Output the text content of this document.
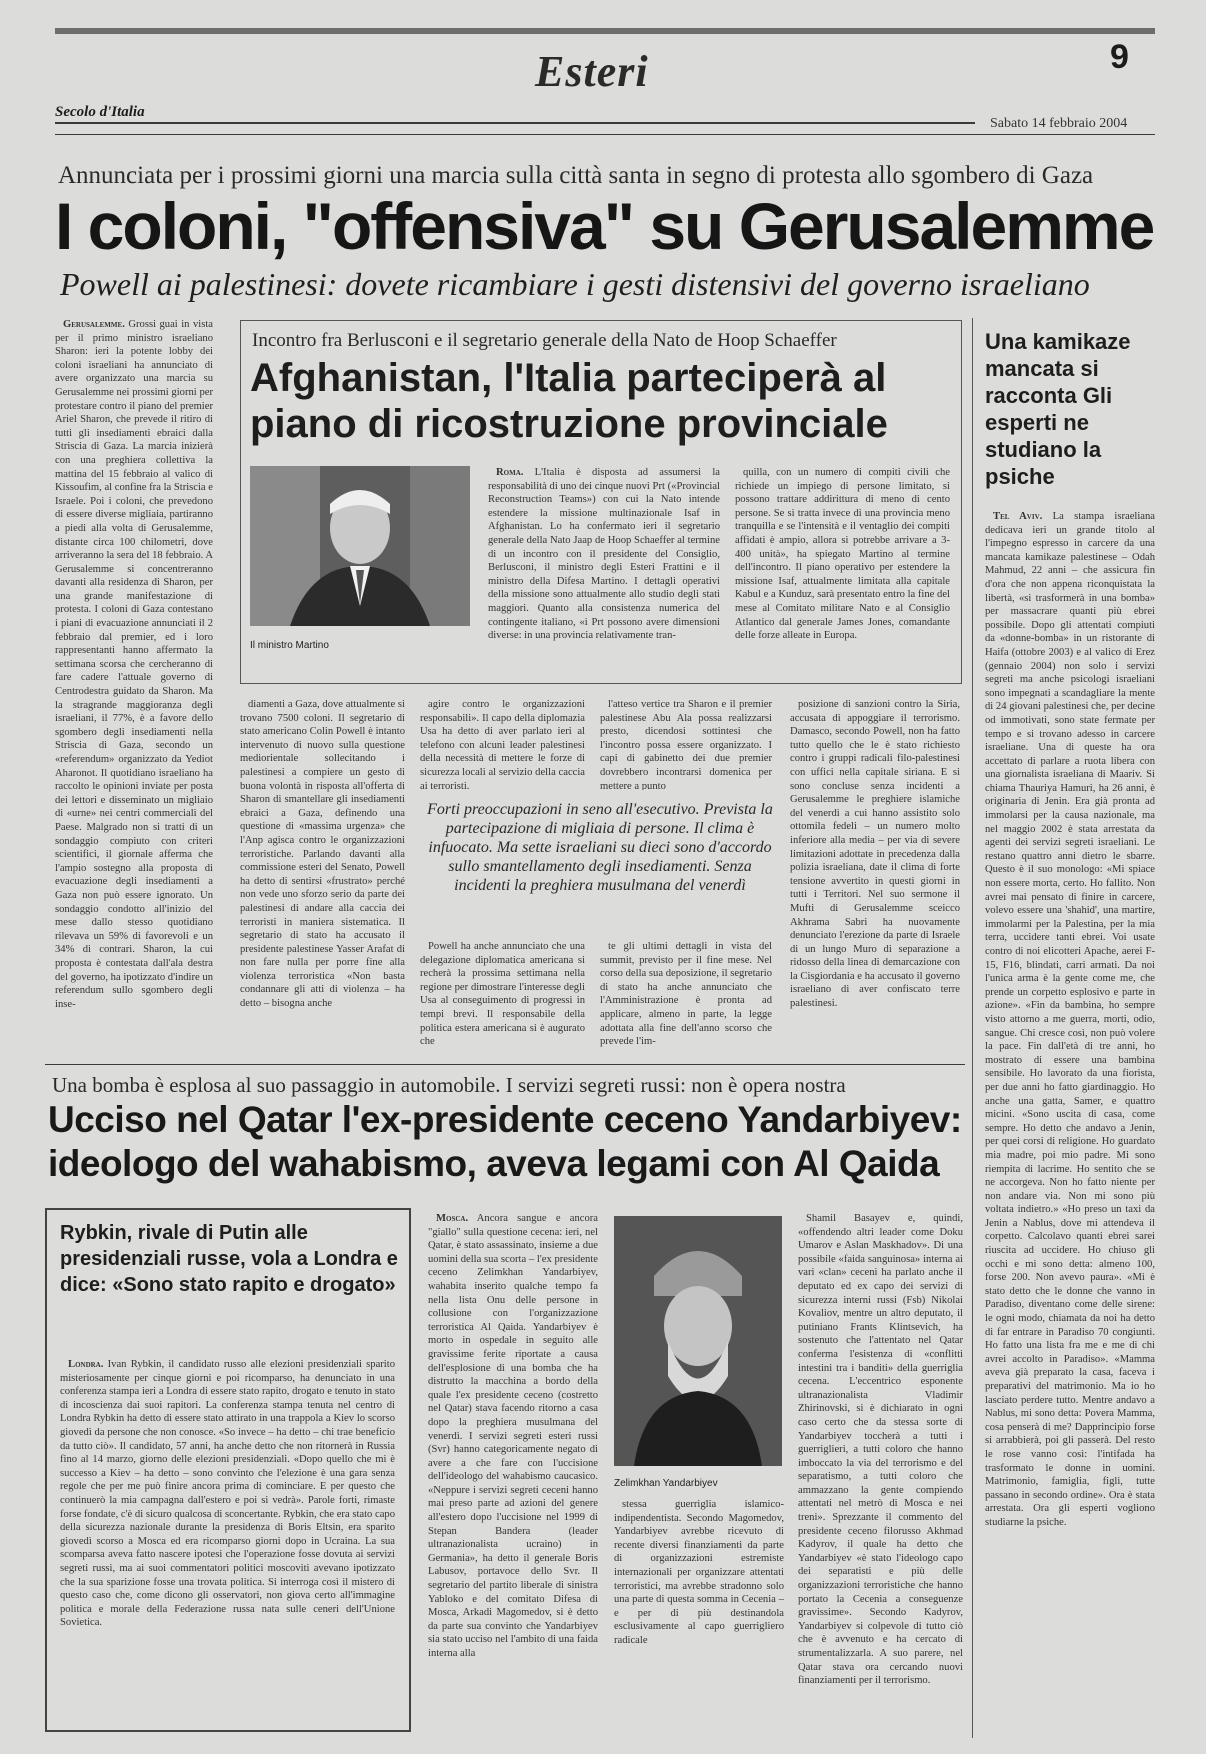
Esteri	9
Secolo d'Italia
Sabato 14 febbraio 2004
Annunciata per i prossimi giorni una marcia sulla città santa in segno di protesta allo sgombero di Gaza
I coloni, "offensiva" su Gerusalemme
Powell ai palestinesi: dovete ricambiare i gesti distensivi del governo israeliano

Gerusalemme. Grossi guai in vista per il primo ministro israeliano Sharon: ieri la potente lobby dei coloni israeliani ha annunciato di avere organizzato una marcia su Gerusalemme nei prossimi giorni per protestare contro il piano del premier Ariel Sharon, che prevede il ritiro di tutti gli insediamenti ebraici dalla Striscia di Gaza. La marcia inizierà con una preghiera collettiva la mattina del 15 febbraio al valico di Kissoufim, al confine fra la Striscia e Israele. Poi i coloni, che prevedono di essere diverse migliaia, partiranno a piedi alla volta di Gerusalemme, distante circa 100 chilometri, dove arriveranno la sera del 18 febbraio. A Gerusalemme si concentreranno davanti alla residenza di Sharon, per una grande manifestazione di protesta. I coloni di Gaza contestano i piani di evacuazione annunciati il 2 febbraio dal premier, ed i loro rappresentanti hanno affermato la settimana scorsa che cercheranno di fare cadere l'attuale governo di Centrodestra guidato da Sharon. Ma la stragrande maggioranza degli israeliani, il 77%, è a favore dello sgombero degli insediamenti nella Striscia di Gaza, secondo un «referendum» organizzato da Yediot Aharonot. Il quotidiano israeliano ha raccolto le opinioni inviate per posta dei lettori e disseminato un migliaio di «urne» nei centri commerciali del Paese. Malgrado non si tratti di un sondaggio compiuto con criteri scientifici, il giornale afferma che l'ampio sostegno alla proposta di evacuazione degli insediamenti a Gaza non può essere ignorato. Un sondaggio condotto all'inizio del mese dallo stesso quotidiano rilevava un 59% di favorevoli e un 34% di contrari. Sharon, la cui proposta è contestata dall'ala destra del governo, ha ipotizzato d'indire un referendum sullo sgombero degli inse-

diamenti a Gaza, dove attualmente si trovano 7500 coloni. Il segretario di stato americano Colin Powell è intanto intervenuto di nuovo sulla questione mediorientale sollecitando i palestinesi a compiere un gesto di buona volontà in risposta all'offerta di Sharon di smantellare gli insediamenti ebraici a Gaza, definendo una questione di «massima urgenza» che l'Anp agisca contro le organizzazioni terroristiche. Parlando davanti alla commissione esteri del Senato, Powell ha detto di sentirsi «frustrato» perché non vede uno sforzo serio da parte dei palestinesi di andare alla caccia dei terroristi in maniera sistematica. Il segretario di stato ha accusato il presidente palestinese Yasser Arafat di non fare nulla per porre fine alla violenza terroristica «Non basta condannare gli atti di violenza – ha detto – bisogna anche

agire contro le organizzazioni responsabili». Il capo della diplomazia Usa ha detto di aver parlato ieri al telefono con alcuni leader palestinesi della necessità di mettere le forze di sicurezza locali al servizio della caccia ai terroristi.

l'atteso vertice tra Sharon e il premier palestinese Abu Ala possa realizzarsi presto, dicendosi sottintesi che l'incontro possa essere organizzato. I capi di gabinetto dei due premier dovrebbero incontrarsi domenica per mettere a punto

posizione di sanzioni contro la Siria, accusata di appoggiare il terrorismo. Damasco, secondo Powell, non ha fatto tutto quello che le è stato richiesto contro i gruppi radicali filo-palestinesi con uffici nella capitale siriana. E si sono concluse senza incidenti a Gerusalemme le preghiere islamiche del venerdì a cui hanno assistito solo ottomila fedeli – un numero molto inferiore alla media – per via di severe limitazioni adottate in precedenza dalla polizia israeliana, date il clima di forte tensione avvertito in questi giorni in tutti i Territori. Nel suo sermone il Mufti di Gerusalemme sceicco Akhrama Sabri ha nuovamente denunciato l'erezione da parte di Israele di un lungo Muro di separazione a ridosso della linea di demarcazione con la Cisgiordania e ha accusato il governo israeliano di aver confiscato terre palestinesi.

Forti preoccupazioni in seno all'esecutivo. Prevista la partecipazione di migliaia di persone. Il clima è infuocato. Ma sette israeliani su dieci sono d'accordo sullo smantellamento degli insediamenti. Senza incidenti la preghiera musulmana del venerdì

Powell ha anche annunciato che una delegazione diplomatica americana si recherà la prossima settimana nella regione per dimostrare l'interesse degli Usa al conseguimento di progressi in tempi brevi. Il responsabile della politica estera americana si è augurato che

te gli ultimi dettagli in vista del summit, previsto per il fine mese. Nel corso della sua deposizione, il segretario di stato ha anche annunciato che l'Amministrazione è pronta ad applicare, almeno in parte, la legge adottata alla fine dell'anno scorso che prevede l'im-

Incontro fra Berlusconi e il segretario generale della Nato de Hoop Schaeffer
Afghanistan, l'Italia parteciperà al piano di ricostruzione provinciale
Il ministro Martino

Roma. L'Italia è disposta ad assumersi la responsabilità di uno dei cinque nuovi Prt («Provincial Reconstruction Teams») con cui la Nato intende estendere la missione multinazionale Isaf in Afghanistan. Lo ha confermato ieri il segretario generale della Nato Jaap de Hoop Schaeffer al termine di un incontro con il presidente del Consiglio, Berlusconi, il ministro degli Esteri Frattini e il ministro della Difesa Martino. I dettagli operativi della missione sono attualmente allo studio degli stati maggiori. Quanto alla consistenza numerica del contingente italiano, «i Prt possono avere dimensioni diverse: in una provincia relativamente tran-

quilla, con un numero di compiti civili che richiede un impiego di persone limitato, si possono trattare addirittura di meno di cento persone. Se si tratta invece di una provincia meno tranquilla e se l'intensità e il ventaglio dei compiti affidati è ampio, allora si potrebbe arrivare a 3-400 unità», ha spiegato Martino al termine dell'incontro. Il piano operativo per estendere la missione Isaf, attualmente limitata alla capitale Kabul e a Kunduz, sarà presentato entro la fine del mese al Comitato militare Nato e al Consiglio Atlantico dal generale James Jones, comandante delle forze alleate in Europa.

Una kamikaze mancata si racconta Gli esperti ne studiano la psiche

Tel Aviv. La stampa israeliana dedicava ieri un grande titolo al l'impegno espresso in carcere da una mancata kamikaze palestinese – Odah Mahmud, 22 anni – che assicura fin d'ora che non appena riconquistata la libertà, «si trasformerà in una bomba» per massacrare quanti più ebrei possibile. Dopo gli attentati compiuti da «donne-bomba» in un ristorante di Haifa (ottobre 2003) e al valico di Erez (gennaio 2004) non solo i servizi segreti ma anche psicologi israeliani sono impegnati a scandagliare la mente di 24 giovani palestinesi che, per decine od immotivati, sono state fermate per tempo e si trovano adesso in carcere israeliane. Una di queste ha ora accettato di parlare a ruota libera con una giornalista israeliana di Maariv. Si chiama Thauriya Hamuri, ha 26 anni, è originaria di Jenin. Era già pronta ad immolarsi per la causa nazionale, ma nel maggio 2002 è stata arrestata da agenti dei servizi segreti israeliani. Le restano quattro anni dietro le sbarre. Questo è il suo monologo: «Mi spiace non essere morta, certo. Ho fallito. Non avrei mai pensato di finire in carcere, volevo essere una 'shahid', una martire, immolarmi per la Palestina, per la mia terra, uccidere tanti ebrei. Voi usate contro di noi elicotteri Apache, aerei F-15, F16, blindati, carri armati. Da noi l'unica arma è la gente come me, che prende un corpetto esplosivo e parte in azione». «Fin da bambina, ho sempre visto attorno a me guerra, morti, odio, sangue. Chi cresce così, non può volere la pace. Fin dall'età di tre anni, ho mostrato di essere una bambina sensibile. Ho lavorato da una fiorista, per due anni ho fatto giardinaggio. Ho anche una gatta, Samer, e quattro micini. «Sono uscita di casa, come sempre. Ho detto che andavo a Jenin, per quei corsi di religione. Ho guardato mia madre, poi mio padre. Mi sono riempita di lacrime. Ho sentito che se ne accorgeva. Non ho fatto niente per non andare via. Non mi sono più voltata indietro.» «Ho preso un taxi da Jenin a Nablus, dove mi attendeva il corpetto. Calcolavo quanti ebrei sarei riuscita ad uccidere. Ho chiuso gli occhi e mi sono detta: almeno 100, forse 200. Non avevo paura». «Mi è stato detto che le donne che vanno in Paradiso, diventano come delle sirene: le ogni modo, chiamata da noi ha detto di far entrare in Paradiso 70 congiunti. Ho fatto una lista fra me e me di chi avrei accolto in Paradiso». «Mamma aveva già preparato la casa, faceva i preparativi del matrimonio. Ma io ho lasciato perdere tutto. Mentre andavo a Nablus, mi sono detta: Povera Mamma, cosa penserà di me? Dapprincipio forse si arrabbierà, poi gli passerà. Del resto le rose vanno così: l'intifada ha trasformato le donne in uomini. Matrimonio, famiglia, figli, tutte passano in secondo ordine». Ora è stata arrestata. Ora gli esperti vogliono studiarne la psiche.

Una bomba è esplosa al suo passaggio in automobile. I servizi segreti russi: non è opera nostra
Ucciso nel Qatar l'ex-presidente ceceno Yandarbiyev:
ideologo del wahabismo, aveva legami con Al Qaida
Rybkin, rivale di Putin alle presidenziali russe, vola a Londra e dice: «Sono stato rapito e drogato»

Londra. Ivan Rybkin, il candidato russo alle elezioni presidenziali sparito misteriosamente per cinque giorni e poi ricomparso, ha denunciato in una conferenza stampa ieri a Londra di essere stato rapito, drogato e tenuto in stato di incoscienza dai suoi rapitori. La conferenza stampa tenuta nel centro di Londra Rybkin ha detto di essere stato attirato in una trappola a Kiev lo scorso giovedì da persone che non conosce. «So invece – ha detto – chi trae beneficio da tutto ciò». Il candidato, 57 anni, ha anche detto che non ritornerà in Russia fino al 14 marzo, giorno delle elezioni presidenziali. «Dopo quello che mi è successo a Kiev – ha detto – sono convinto che l'elezione è una gara senza regole che per me può finire ancora prima di cominciare. E per questo che continuerò la mia campagna dall'estero e poi si vedrà». Parole forti, rimaste forse fondate, c'è di sicuro qualcosa di sconcertante. Rybkin, che era stato capo della sicurezza nazionale durante la presidenza di Boris Eltsin, era sparito giovedì scorso a Mosca ed era ricomparso giorni dopo in Ucraina. La sua scomparsa aveva fatto nascere ipotesi che l'operazione fosse dovuta ai servizi segreti russi, ma ai suoi commentatori politici moscoviti avevano ipotizzato che la sua sparizione fosse una trovata politica. Si interroga così il mistero di questo caso che, come dicono gli osservatori, non giova certo all'immagine politica e morale della Federazione russa nata sulle ceneri dell'Unione Sovietica.

Mosca. Ancora sangue e ancora "giallo" sulla questione cecena: ieri, nel Qatar, è stato assassinato, insieme a due uomini della sua scorta – l'ex presidente ceceno Zelimkhan Yandarbiyev, wahabita inserito qualche tempo fa nella lista Onu delle persone in collusione con l'organizzazione terroristica Al Qaida. Yandarbiyev è morto in ospedale in seguito alle gravissime ferite riportate a causa dell'esplosione di una bomba che ha distrutto la macchina a bordo della quale l'ex presidente ceceno (costretto nel Qatar) stava facendo ritorno a casa dopo la preghiera musulmana del venerdì. I servizi segreti esteri russi (Svr) hanno categoricamente negato di avere a che fare con l'uccisione dell'ideologo del wahabismo caucasico. «Neppure i servizi segreti ceceni hanno mai preso parte ad azioni del genere all'estero dopo l'uccisione nel 1999 di Stepan Bandera (leader ultranazionalista ucraino) in Germania», ha detto il generale Boris Labusov, portavoce dello Svr. Il segretario del partito liberale di sinistra Yabloko e del comitato Difesa di Mosca, Arkadi Magomedov, si è detto da parte sua convinto che Yandarbiyev sia stato ucciso nel l'ambito di una faida interna alla

Zelimkhan Yandarbiyev

stessa guerriglia islamico-indipendentista. Secondo Magomedov, Yandarbiyev avrebbe ricevuto di recente diversi finanziamenti da parte di organizzazioni estremiste internazionali per organizzare attentati terroristici, ma avrebbe stradonno solo una parte di questa somma in Cecenia – e per di più destinandola esclusivamente al capo guerrigliero radicale

Shamil Basayev e, quindi, «offendendo altri leader come Doku Umarov e Aslan Maskhadov». Di una possibile «faida sanguinosa» interna ai vari «clan» ceceni ha parlato anche il deputato ed ex capo dei servizi di sicurezza interni russi (Fsb) Nikolai Kovaliov, mentre un altro deputato, il putiniano Frants Klintsevich, ha sostenuto che l'attentato nel Qatar conferma l'esistenza di «conflitti intestini tra i banditi» della guerriglia cecena. L'eccentrico esponente ultranazionalista Vladimir Zhirinovski, si è dichiarato in ogni caso certo che da stessa sorte di Yandarbiyev toccherà a tutti i guerriglieri, a tutti coloro che hanno imboccato la via del terrorismo e del separatismo, a tutti coloro che ammazzano la gente compiendo attentati nel metrò di Mosca e nei treni». Sprezzante il commento del presidente ceceno filorusso Akhmad Kadyrov, il quale ha detto che Yandarbiyev «è stato l'ideologo capo dei separatisti e più delle organizzazioni terroristiche che hanno portato la Cecenia a conseguenze gravissime». Secondo Kadyrov, Yandarbiyev si colpevole di tutto ciò che è avvenuto e ha cercato di strumentalizzarla. A suo parere, nel Qatar stava ora cercando nuovi finanziamenti per il terrorismo.
